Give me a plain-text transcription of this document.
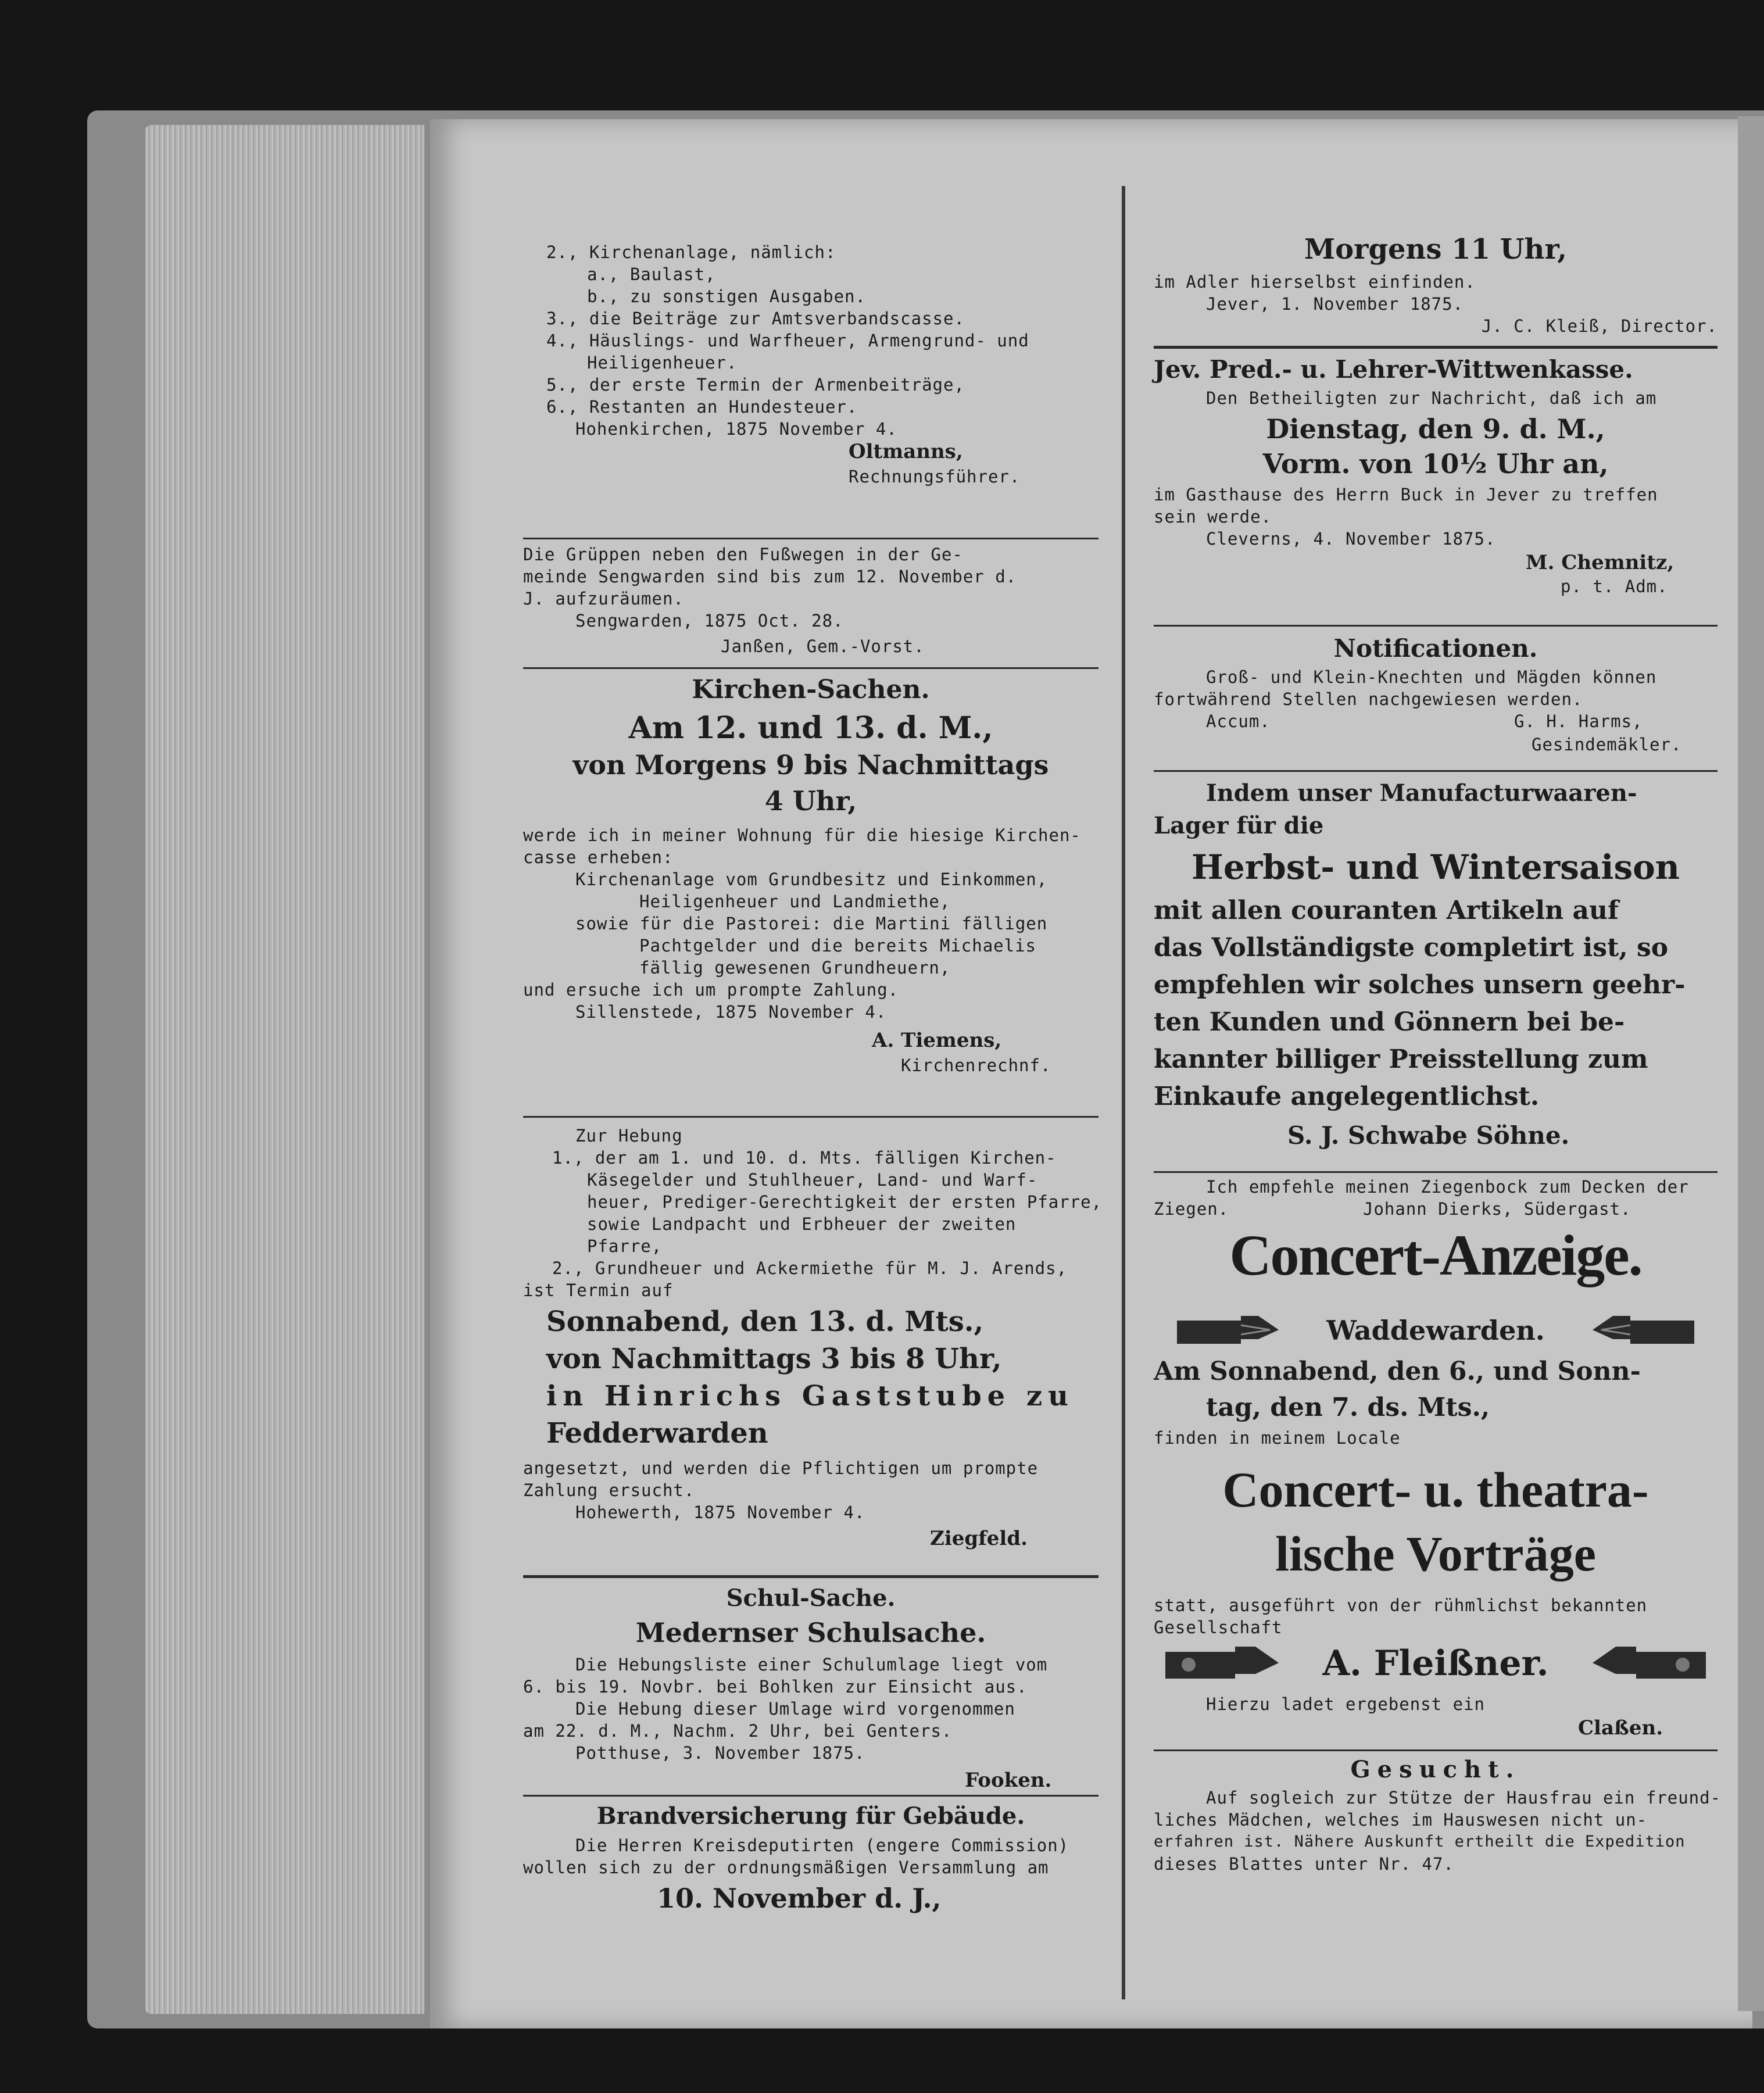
2., Kirchenanlage, nämlich:
a., Baulast,
b., zu sonstigen Ausgaben.
3., die Beiträge zur Amtsverbandscasse.
4., Häuslings- und Warfheuer, Armengrund- und
Heiligenheuer.
5., der erste Termin der Armenbeiträge,
6., Restanten an Hundesteuer.
Hohenkirchen, 1875 November 4.
Oltmanns,
Rechnungsführer.
Die Grüppen neben den Fußwegen in der Ge-
meinde Sengwarden sind bis zum 12. November d.
J. aufzuräumen.
Sengwarden, 1875 Oct. 28.
Janßen, Gem.-Vorst.
Kirchen-Sachen.
Am 12. und 13. d. M.,
von Morgens 9 bis Nachmittags
4 Uhr,
werde ich in meiner Wohnung für die hiesige Kirchen-
casse erheben:
Kirchenanlage vom Grundbesitz und Einkommen,
Heiligenheuer und Landmiethe,
sowie für die Pastorei: die Martini fälligen
Pachtgelder und die bereits Michaelis
fällig gewesenen Grundheuern,
und ersuche ich um prompte Zahlung.
Sillenstede, 1875 November 4.
A. Tiemens,
Kirchenrechnf.
Zur Hebung
1., der am 1. und 10. d. Mts. fälligen Kirchen-
Käsegelder und Stuhlheuer, Land- und Warf-
heuer, Prediger-Gerechtigkeit der ersten Pfarre,
sowie Landpacht und Erbheuer der zweiten
Pfarre,
2., Grundheuer und Ackermiethe für M. J. Arends,
ist Termin auf
Sonnabend, den 13. d. Mts.,
von Nachmittags 3 bis 8 Uhr,
in Hinrichs Gaststube zu
Fedderwarden
angesetzt, und werden die Pflichtigen um prompte
Zahlung ersucht.
Hohewerth, 1875 November 4.
Ziegfeld.
Schul-Sache.
Medernser Schulsache.
Die Hebungsliste einer Schulumlage liegt vom
6. bis 19. Novbr. bei Bohlken zur Einsicht aus.
Die Hebung dieser Umlage wird vorgenommen
am 22. d. M., Nachm. 2 Uhr, bei Genters.
Potthuse, 3. November 1875.
Fooken.
Brandversicherung für Gebäude.
Die Herren Kreisdeputirten (engere Commission)
wollen sich zu der ordnungsmäßigen Versammlung am
10. November d. J.,
Morgens 11 Uhr,
im Adler hierselbst einfinden.
Jever, 1. November 1875.
J. C. Kleiß, Director.
Jev. Pred.- u. Lehrer-Wittwenkasse.
Den Betheiligten zur Nachricht, daß ich am
Dienstag, den 9. d. M.,
Vorm. von 10½ Uhr an,
im Gasthause des Herrn Buck in Jever zu treffen
sein werde.
Cleverns, 4. November 1875.
M. Chemnitz,
p. t. Adm.
Notificationen.
Groß- und Klein-Knechten und Mägden können
fortwährend Stellen nachgewiesen werden.
Accum.	G. H. Harms,
Gesindemäkler.
Indem unser Manufacturwaaren-
Lager für die
Herbst- und Wintersaison
mit allen couranten Artikeln auf
das Vollständigste completirt ist, so
empfehlen wir solches unsern geehr-
ten Kunden und Gönnern bei be-
kannter billiger Preisstellung zum
Einkaufe angelegentlichst.
S. J. Schwabe Söhne.
Ich empfehle meinen Ziegenbock zum Decken der
Ziegen.	Johann Dierks, Südergast.
Concert-Anzeige.
Waddewarden.
Am Sonnabend, den 6., und Sonn-
tag, den 7. ds. Mts.,
finden in meinem Locale
Concert- u. theatra-
lische Vorträge
statt, ausgeführt von der rühmlichst bekannten
Gesellschaft
A. Fleißner.
Hierzu ladet ergebenst ein
Claßen.
Gesucht.
Auf sogleich zur Stütze der Hausfrau ein freund-
liches Mädchen, welches im Hauswesen nicht un-
erfahren ist. Nähere Auskunft ertheilt die Expedition
dieses Blattes unter Nr. 47.
